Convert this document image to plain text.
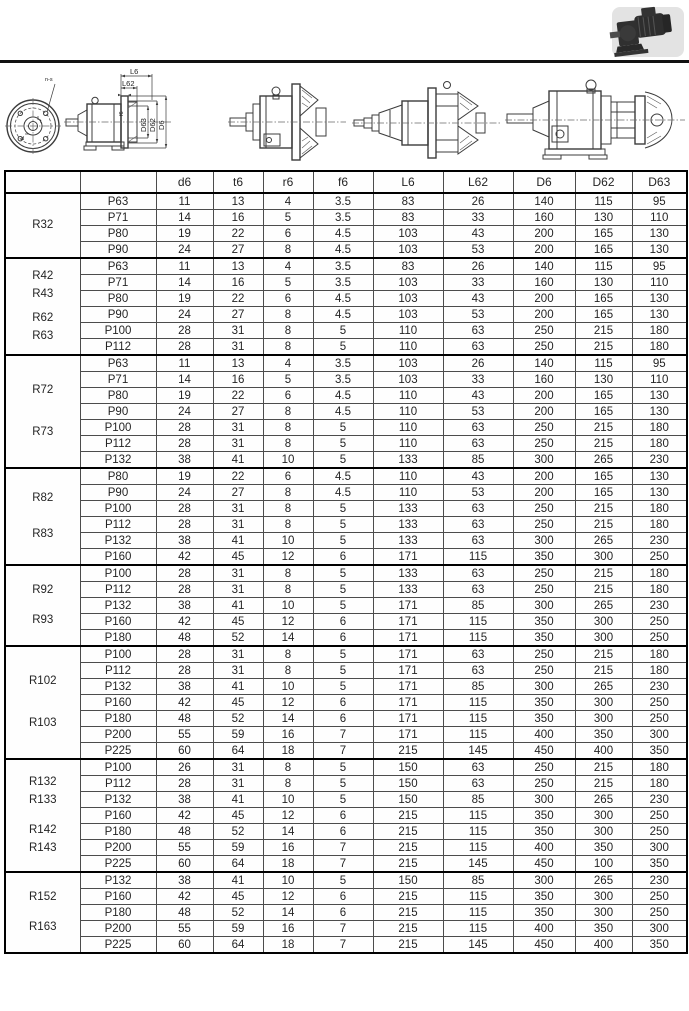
n-s
t
d
L6
L62
f6
D63 D62 D6
		d6	t6	r6	f6	L6	L62	D6	D62	D63

R32	P63	11	13	4	3.5	83	26	140	115	95
	P71	14	16	5	3.5	83	33	160	130	110
	P80	19	22	6	4.5	103	43	200	165	130
	P90	24	27	8	4.5	103	53	200	165	130

R42
R43
R62
R63	P63	11	13	4	3.5	83	26	140	115	95
	P71	14	16	5	3.5	103	33	160	130	110
	P80	19	22	6	4.5	103	43	200	165	130
	P90	24	27	8	4.5	103	53	200	165	130
	P100	28	31	8	5	110	63	250	215	180
	P112	28	31	8	5	110	63	250	215	180

R72
R73	P63	11	13	4	3.5	103	26	140	115	95
	P71	14	16	5	3.5	103	33	160	130	110
	P80	19	22	6	4.5	110	43	200	165	130
	P90	24	27	8	4.5	110	53	200	165	130
	P100	28	31	8	5	110	63	250	215	180
	P112	28	31	8	5	110	63	250	215	180
	P132	38	41	10	5	133	85	300	265	230

R82
R83	P80	19	22	6	4.5	110	43	200	165	130
	P90	24	27	8	4.5	110	53	200	165	130
	P100	28	31	8	5	133	63	250	215	180
	P112	28	31	8	5	133	63	250	215	180
	P132	38	41	10	5	133	63	300	265	230
	P160	42	45	12	6	171	115	350	300	250

R92
R93	P100	28	31	8	5	133	63	250	215	180
	P112	28	31	8	5	133	63	250	215	180
	P132	38	41	10	5	171	85	300	265	230
	P160	42	45	12	6	171	115	350	300	250
	P180	48	52	14	6	171	115	350	300	250

R102
R103	P100	28	31	8	5	171	63	250	215	180
	P112	28	31	8	5	171	63	250	215	180
	P132	38	41	10	5	171	85	300	265	230
	P160	42	45	12	6	171	115	350	300	250
	P180	48	52	14	6	171	115	350	300	250
	P200	55	59	16	7	171	115	400	350	300
	P225	60	64	18	7	215	145	450	400	350

R132
R133
R142
R143	P100	26	31	8	5	150	63	250	215	180
	P112	28	31	8	5	150	63	250	215	180
	P132	38	41	10	5	150	85	300	265	230
	P160	42	45	12	6	215	115	350	300	250
	P180	48	52	14	6	215	115	350	300	250
	P200	55	59	16	7	215	115	400	350	300
	P225	60	64	18	7	215	145	450	100	350

R152
R163	P132	38	41	10	5	150	85	300	265	230
	P160	42	45	12	6	215	115	350	300	250
	P180	48	52	14	6	215	115	350	300	250
	P200	55	59	16	7	215	115	400	350	300
	P225	60	64	18	7	215	145	450	400	350
